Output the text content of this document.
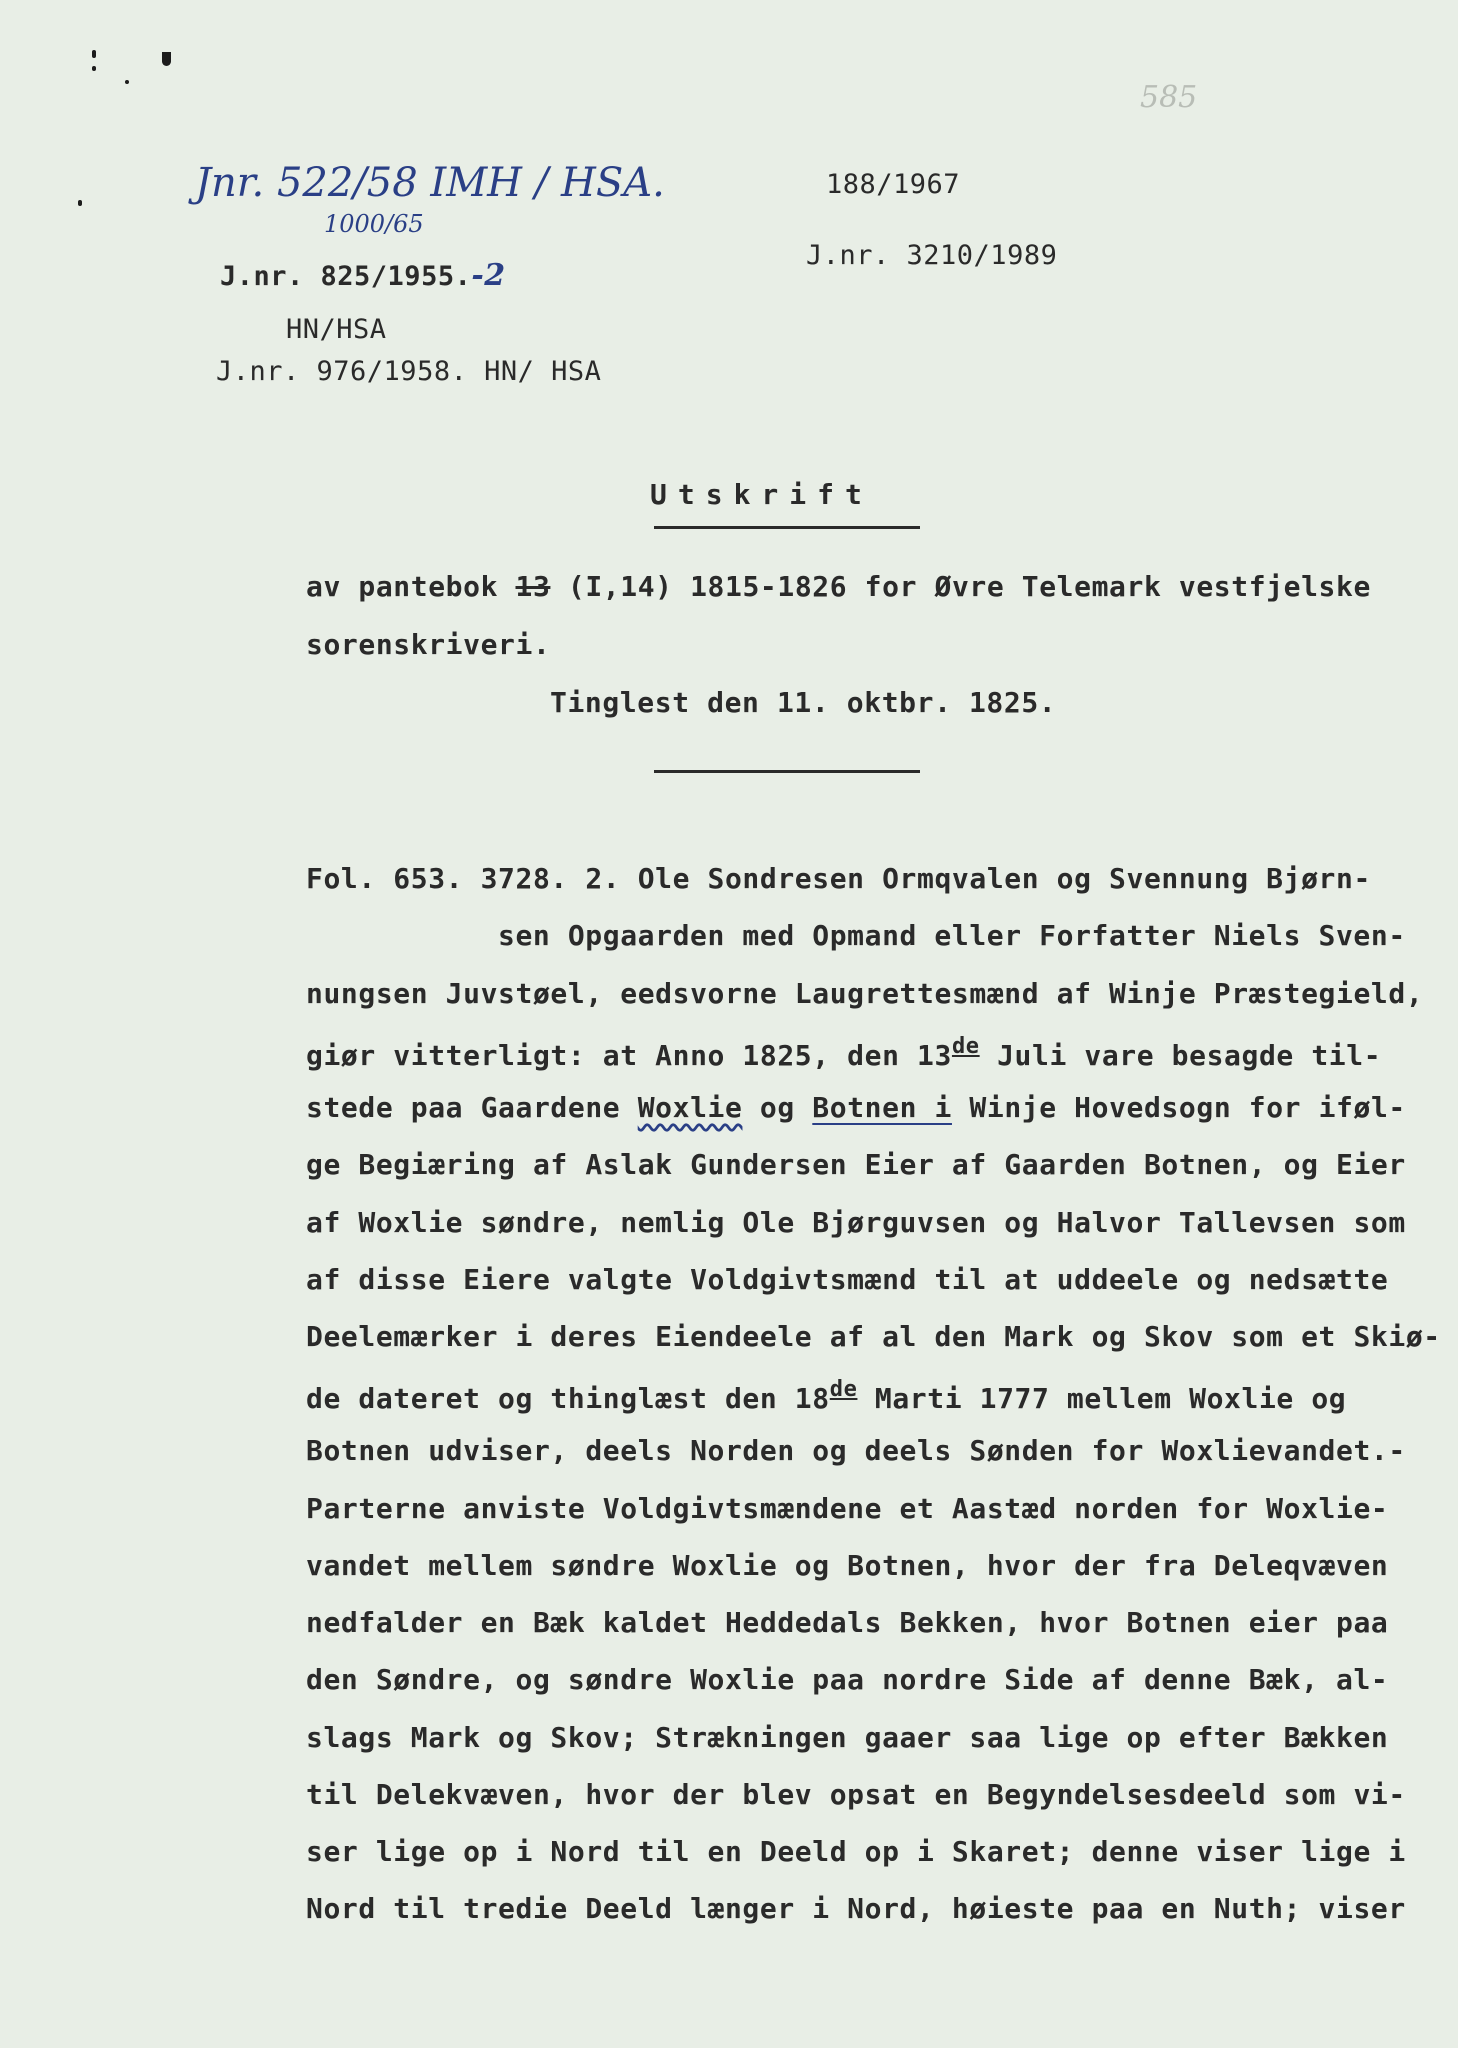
585
Jnr. 522/58 IMH / HSA.	188/1967
1000/65
J.nr. 825/1955.-2
J.nr. 3210/1989
HN/HSA
J.nr. 976/1958. HN/ HSA
Utskrift
av pantebok 13 (I,14) 1815-1826 for Øvre Telemark vestfjelske
sorenskriveri.
Tinglest den 11. oktbr. 1825.
Fol. 653. 3728. 2. Ole Sondresen Ormqvalen og Svennung Bjørn-
sen Opgaarden med Opmand eller Forfatter Niels Sven-
nungsen Juvstøel, eedsvorne Laugrettesmænd af Winje Præstegield,
giør vitterligt: at Anno 1825, den 13de Juli vare besagde til-
stede paa Gaardene Woxlie og Botnen i Winje Hovedsogn for iføl-
ge Begiæring af Aslak Gundersen Eier af Gaarden Botnen, og Eier
af Woxlie søndre, nemlig Ole Bjørguvsen og Halvor Tallevsen som
af disse Eiere valgte Voldgivtsmænd til at uddeele og nedsætte
Deelemærker i deres Eiendeele af al den Mark og Skov som et Skiø-
de dateret og thinglæst den 18de Marti 1777 mellem Woxlie og
Botnen udviser, deels Norden og deels Sønden for Woxlievandet.-
Parterne anviste Voldgivtsmændene et Aastæd norden for Woxlie-
vandet mellem søndre Woxlie og Botnen, hvor der fra Deleqvæven
nedfalder en Bæk kaldet Heddedals Bekken, hvor Botnen eier paa
den Søndre, og søndre Woxlie paa nordre Side af denne Bæk, al-
slags Mark og Skov; Strækningen gaaer saa lige op efter Bækken
til Delekvæven, hvor der blev opsat en Begyndelsesdeeld som vi-
ser lige op i Nord til en Deeld op i Skaret; denne viser lige i
Nord til tredie Deeld længer i Nord, høieste paa en Nuth; viser
